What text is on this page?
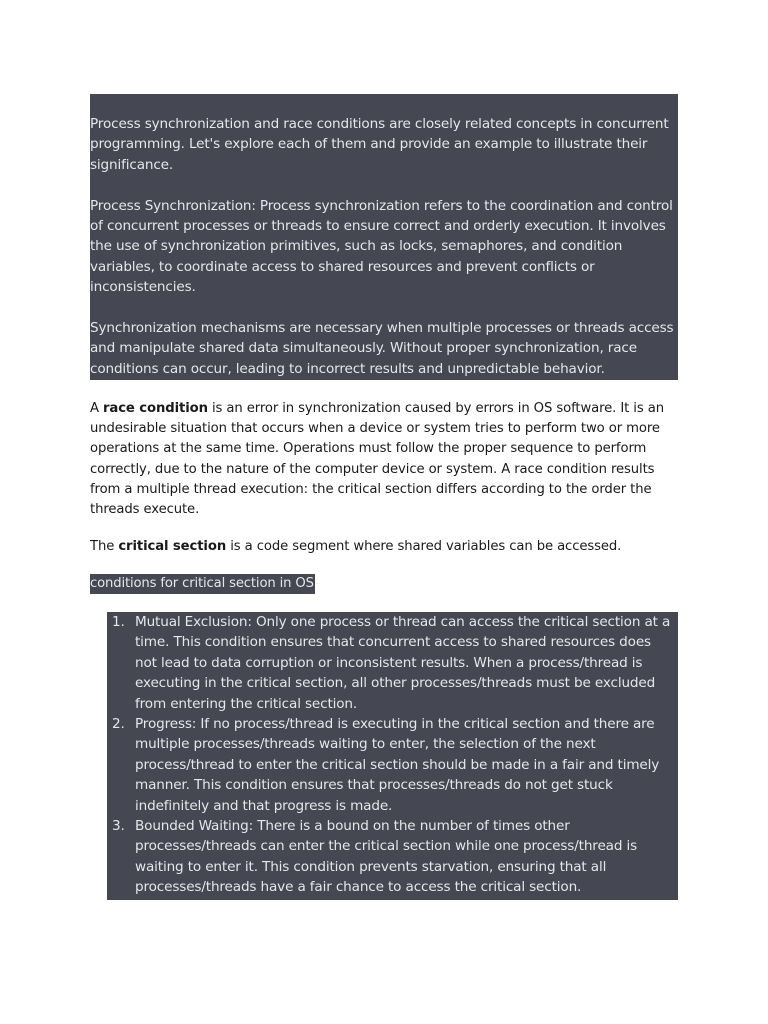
Process synchronization and race conditions are closely related concepts in concurrent programming. Let's explore each of them and provide an example to illustrate their significance.

Process Synchronization: Process synchronization refers to the coordination and control of concurrent processes or threads to ensure correct and orderly execution. It involves the use of synchronization primitives, such as locks, semaphores, and condition variables, to coordinate access to shared resources and prevent conflicts or inconsistencies.

Synchronization mechanisms are necessary when multiple processes or threads access and manipulate shared data simultaneously. Without proper synchronization, race conditions can occur, leading to incorrect results and unpredictable behavior.

A race condition is an error in synchronization caused by errors in OS software. It is an undesirable situation that occurs when a device or system tries to perform two or more operations at the same time. Operations must follow the proper sequence to perform correctly, due to the nature of the computer device or system. A race condition results from a multiple thread execution: the critical section differs according to the order the threads execute.

The critical section is a code segment where shared variables can be accessed.

conditions for critical section in OS
1. Mutual Exclusion: Only one process or thread can access the critical section at a time. This condition ensures that concurrent access to shared resources does not lead to data corruption or inconsistent results. When a process/thread is executing in the critical section, all other processes/threads must be excluded from entering the critical section.
2. Progress: If no process/thread is executing in the critical section and there are multiple processes/threads waiting to enter, the selection of the next process/thread to enter the critical section should be made in a fair and timely manner. This condition ensures that processes/threads do not get stuck indefinitely and that progress is made.
3. Bounded Waiting: There is a bound on the number of times other processes/threads can enter the critical section while one process/thread is waiting to enter it. This condition prevents starvation, ensuring that all processes/threads have a fair chance to access the critical section.
